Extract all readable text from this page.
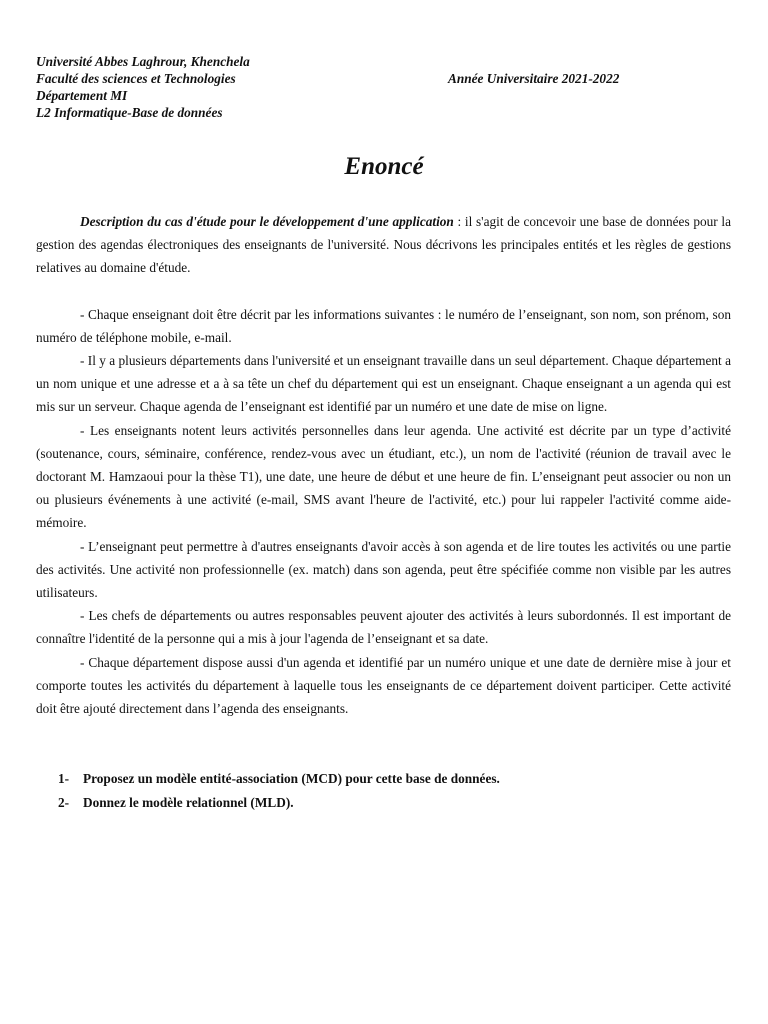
Université Abbes Laghrour, Khenchela
Faculté des sciences et Technologies	Année Universitaire 2021-2022
Département MI
L2 Informatique-Base de données
Enoncé

Description du cas d'étude pour le développement d'une application : il s'agit de concevoir une base de données pour la gestion des agendas électroniques des enseignants de l'université. Nous décrivons les principales entités et les règles de gestions relatives au domaine d'étude.

- Chaque enseignant doit être décrit par les informations suivantes : le numéro de l’enseignant, son nom, son prénom, son numéro de téléphone mobile, e-mail.

- Il y a plusieurs départements dans l'université et un enseignant travaille dans un seul département. Chaque département a un nom unique et une adresse et a à sa tête un chef du département qui est un enseignant. Chaque enseignant a un agenda qui est mis sur un serveur. Chaque agenda de l’enseignant est identifié par un numéro et une date de mise on ligne.

- Les enseignants notent leurs activités personnelles dans leur agenda. Une activité est décrite par un type d’activité (soutenance, cours, séminaire, conférence, rendez-vous avec un étudiant, etc.), un nom de l'activité (réunion de travail avec le doctorant M. Hamzaoui pour la thèse T1), une date, une heure de début et une heure de fin. L’enseignant peut associer ou non un ou plusieurs événements à une activité (e-mail, SMS avant l'heure de l'activité, etc.) pour lui rappeler l'activité comme aide-mémoire.

- L’enseignant peut permettre à d'autres enseignants d'avoir accès à son agenda et de lire toutes les activités ou une partie des activités. Une activité non professionnelle (ex. match) dans son agenda, peut être spécifiée comme non visible par les autres utilisateurs.

- Les chefs de départements ou autres responsables peuvent ajouter des activités à leurs subordonnés. Il est important de connaître l'identité de la personne qui a mis à jour l'agenda de l’enseignant et sa date.

- Chaque département dispose aussi d'un agenda et identifié par un numéro unique et une date de dernière mise à jour et comporte toutes les activités du département à laquelle tous les enseignants de ce département doivent participer. Cette activité doit être ajouté directement dans l’agenda des enseignants.

1- Proposez un modèle entité-association (MCD) pour cette base de données.
2- Donnez le modèle relationnel (MLD).
